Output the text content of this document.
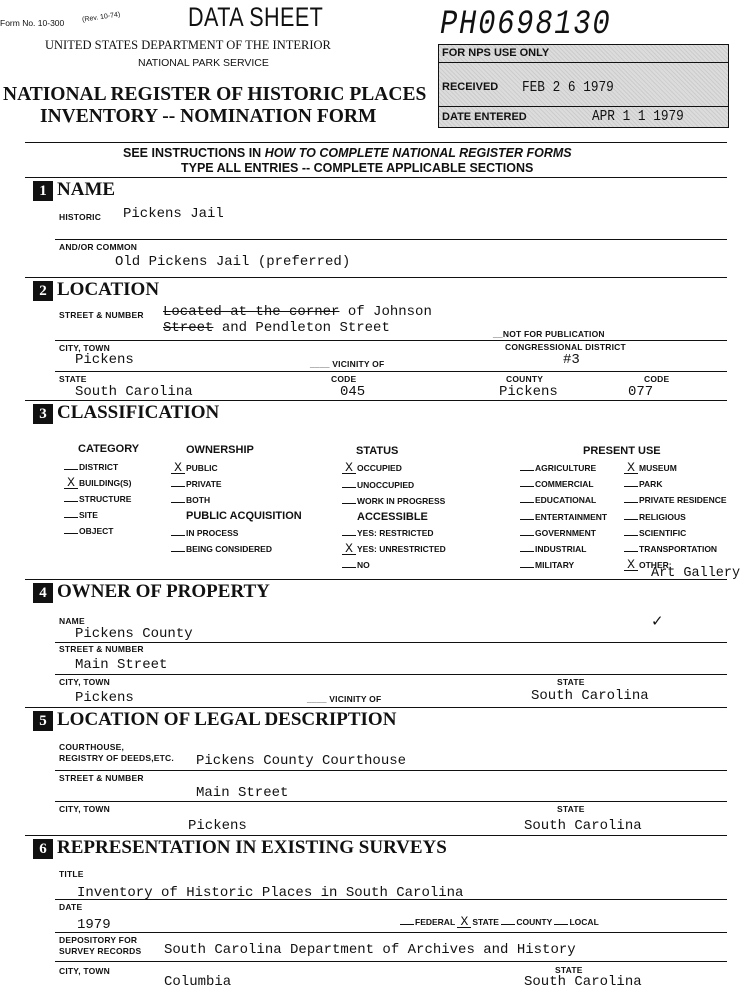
Form No. 10-300 (Rev. 10-74) DATA SHEET
UNITED STATES DEPARTMENT OF THE INTERIOR
NATIONAL PARK SERVICE
NATIONAL REGISTER OF HISTORIC PLACES
INVENTORY -- NOMINATION FORM
PH0698130
FOR NPS USE ONLY
RECEIVED FEB 2 6 1979
DATE ENTERED	APR 1 1 1979
SEE INSTRUCTIONS IN HOW TO COMPLETE NATIONAL REGISTER FORMS
TYPE ALL ENTRIES -- COMPLETE APPLICABLE SECTIONS
1 NAME
HISTORIC Pickens Jail
AND/OR COMMON
Old Pickens Jail (preferred)
2 LOCATION
STREET & NUMBER Located at the corner of Johnson
Street and Pendleton Street	__NOT FOR PUBLICATION
CITY, TOWN	CONGRESSIONAL DISTRICT
Pickens	____ VICINITY OF	#3
STATE	CODE	COUNTY	CODE
South Carolina	045	Pickens	077
3 CLASSIFICATION
CATEGORY	OWNERSHIP	STATUS	PRESENT USE
PUBLIC ACQUISITION	ACCESSIBLE
DISTRICT
X BUILDING(S)
STRUCTURE
SITE
OBJECT
X PUBLIC
PRIVATE
BOTH
IN PROCESS
BEING CONSIDERED
X OCCUPIED
UNOCCUPIED
WORK IN PROGRESS
YES: RESTRICTED
X YES: UNRESTRICTED
NO
AGRICULTURE
COMMERCIAL
EDUCATIONAL
ENTERTAINMENT
GOVERNMENT
INDUSTRIAL
MILITARY
X MUSEUM
PARK
PRIVATE RESIDENCE
RELIGIOUS
SCIENTIFIC
TRANSPORTATION
X OTHER:
Art Gallery
4 OWNER OF PROPERTY
NAME
Pickens County
✓
STREET & NUMBER
Main Street
CITY, TOWN	STATE
Pickens	____ VICINITY OF	South Carolina
5 LOCATION OF LEGAL DESCRIPTION
COURTHOUSE,
REGISTRY OF DEEDS,ETC. Pickens County Courthouse
STREET & NUMBER
Main Street
CITY, TOWN	STATE
Pickens	South Carolina
6 REPRESENTATION IN EXISTING SURVEYS
TITLE
Inventory of Historic Places in South Carolina
DATE
1979	FEDERAL X STATE COUNTY LOCAL
DEPOSITORY FOR
SURVEY RECORDS South Carolina Department of Archives and History
CITY, TOWN	STATE
Columbia	South Carolina
